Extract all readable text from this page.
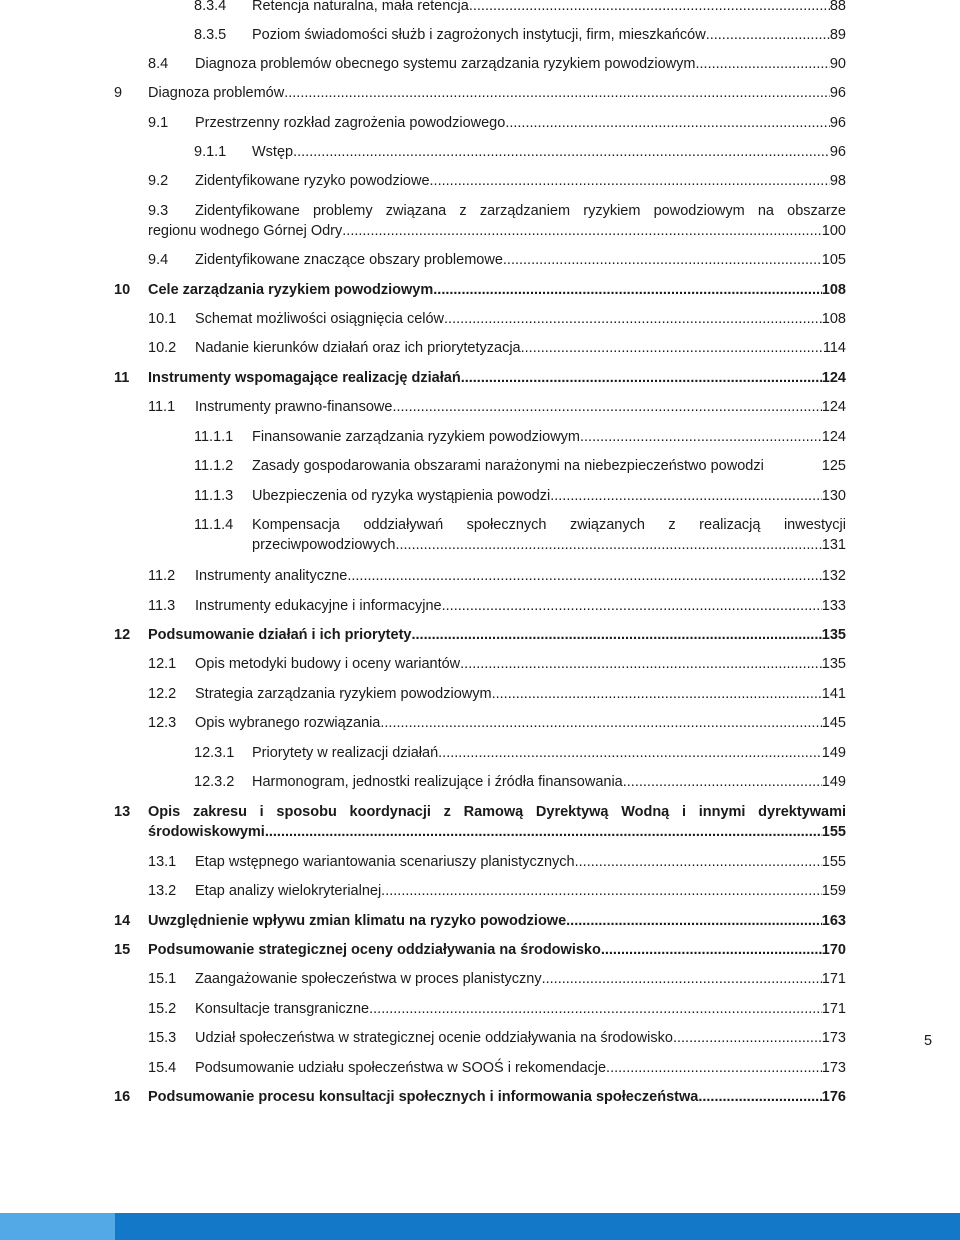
8.3.4 Retencja naturalna, mała retencja .....	88
8.3.5 Poziom świadomości służb i zagrożonych instytucji, firm, mieszkańców .....	89
8.4 Diagnoza problemów obecnego systemu zarządzania ryzykiem powodziowym .....	90
9 Diagnoza problemów .....	96
9.1 Przestrzenny rozkład zagrożenia powodziowego .....	96
9.1.1 Wstęp .....	96
9.2 Zidentyfikowane ryzyko powodziowe .....	98
9.3 Zidentyfikowane problemy związana z zarządzaniem ryzykiem powodziowym na obszarze
regionu wodnego Górnej Odry .....	100
9.4 Zidentyfikowane znaczące obszary problemowe .....	105
10 Cele zarządzania ryzykiem powodziowym .....	108
10.1 Schemat możliwości osiągnięcia celów .....	108
10.2 Nadanie kierunków działań oraz ich priorytetyzacja .....	114
11 Instrumenty wspomagające realizację działań .....	124
11.1 Instrumenty prawno-finansowe .....	124
11.1.1 Finansowanie zarządzania ryzykiem powodziowym .....	124
11.1.2 Zasady gospodarowania obszarami narażonymi na niebezpieczeństwo powodzi	125
11.1.3 Ubezpieczenia od ryzyka wystąpienia powodzi .....	130
11.1.4 Kompensacja oddziaływań społecznych związanych z realizacją inwestycji
przeciwpowodziowych .....	131
11.2 Instrumenty analityczne .....	132
11.3 Instrumenty edukacyjne i informacyjne .....	133
12 Podsumowanie działań i ich priorytety .....	135
12.1 Opis metodyki budowy i oceny wariantów .....	135
12.2 Strategia zarządzania ryzykiem powodziowym .....	141
12.3 Opis wybranego rozwiązania .....	145
12.3.1 Priorytety w realizacji działań .....	149
12.3.2 Harmonogram, jednostki realizujące i źródła finansowania .....	149
13 Opis zakresu i sposobu koordynacji z Ramową Dyrektywą Wodną i innymi dyrektywami
środowiskowymi .....	155
13.1 Etap wstępnego wariantowania scenariuszy planistycznych .....	155
13.2 Etap analizy wielokryterialnej .....	159
14 Uwzględnienie wpływu zmian klimatu na ryzyko powodziowe .....	163
15 Podsumowanie strategicznej oceny oddziaływania na środowisko .....	170
15.1 Zaangażowanie społeczeństwa w proces planistyczny .....	171
15.2 Konsultacje transgraniczne .....	171
15.3 Udział społeczeństwa w strategicznej ocenie oddziaływania na środowisko .....	173
15.4 Podsumowanie udziału społeczeństwa w SOOŚ i rekomendacje .....	173
16 Podsumowanie procesu konsultacji społecznych i informowania społeczeństwa .....	176
5
